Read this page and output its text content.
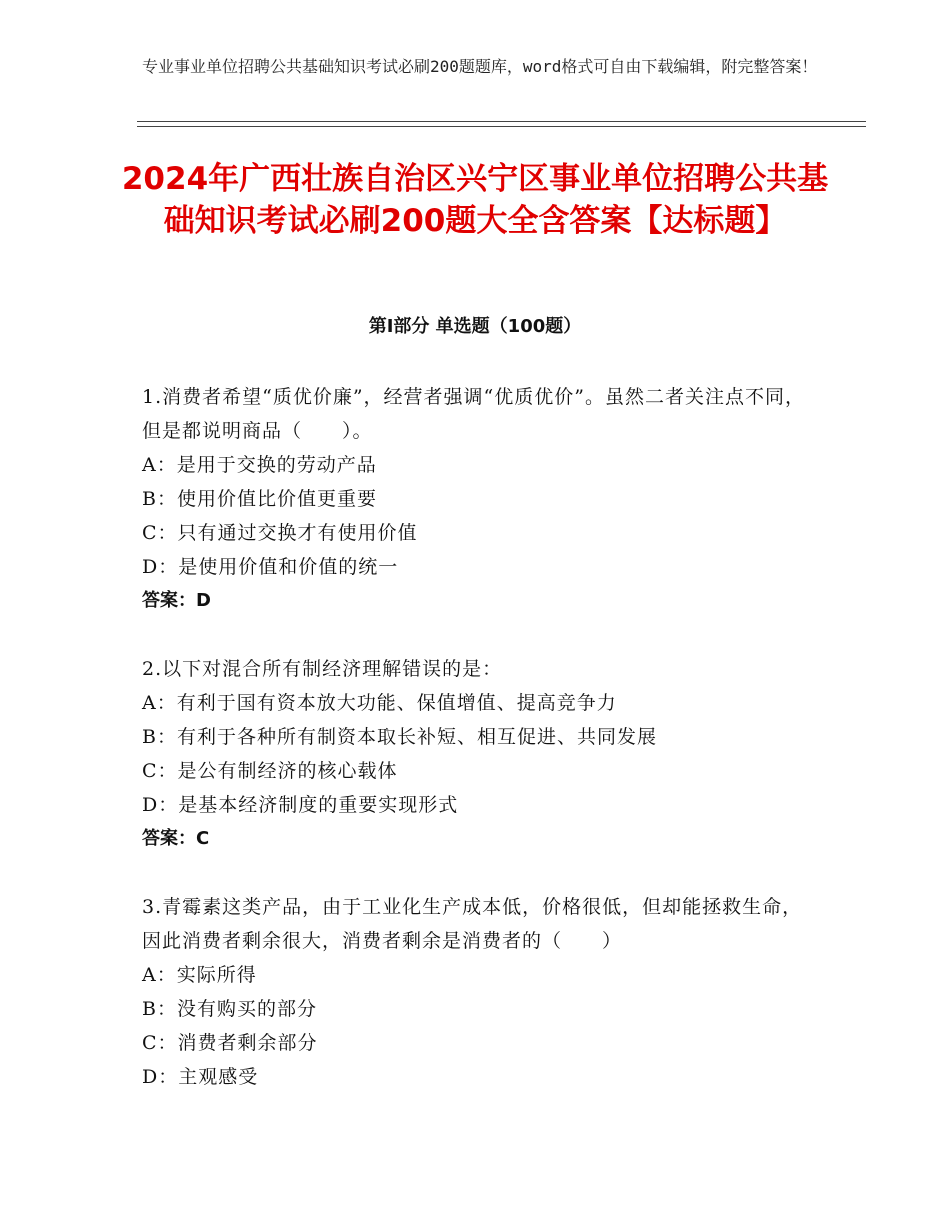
专业事业单位招聘公共基础知识考试必刷200题题库，word格式可自由下载编辑，附完整答案！
2024年广西壮族自治区兴宁区事业单位招聘公共基础知识考试必刷200题大全含答案【达标题】
第Ⅰ部分 单选题（100题）
1.消费者希望“质优价廉”，经营者强调“优质优价”。虽然二者关注点不同，但是都说明商品（　　）。
A：是用于交换的劳动产品
B：使用价值比价值更重要
C：只有通过交换才有使用价值
D：是使用价值和价值的统一
答案：D
2.以下对混合所有制经济理解错误的是：
A：有利于国有资本放大功能、保值增值、提高竞争力
B：有利于各种所有制资本取长补短、相互促进、共同发展
C：是公有制经济的核心载体
D：是基本经济制度的重要实现形式
答案：C
3.青霉素这类产品，由于工业化生产成本低，价格很低，但却能拯救生命，因此消费者剩余很大，消费者剩余是消费者的（　　）
A：实际所得
B：没有购买的部分
C：消费者剩余部分
D：主观感受
